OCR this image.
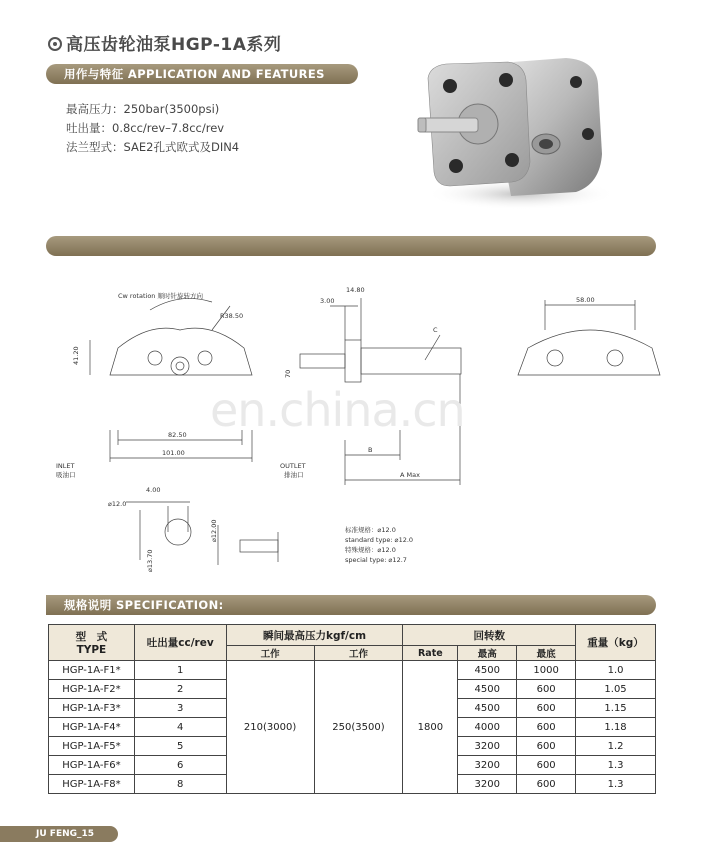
高压齿轮油泵HGP-1A系列
用作与特征 APPLICATION AND FEATURES
最高压力：250bar(3500psi)
吐出量：0.8cc/rev–7.8cc/rev
法兰型式：SAE2孔式欧式及DIN4
Cw rotation 顺时针旋转方向
R38.50
41.20
82.50
101.00
INLET
吸油口
14.80
3.00
C
70
B
A Max
OUTLET
排油口
58.00
4.00
⌀12.0
⌀13.70
⌀12.00	标准规格：⌀12.0
standard type: ⌀12.0
特殊规格：⌀12.0
special type: ⌀12.7
en.china.cn
规格说明 SPECIFICATION:
型　式
TYPE	吐出量cc/rev	瞬间最高压力kgf/cm		回转数			重量（kg）
		工作	工作	Rate	最高	最底	
HGP-1A-F1*	1	210(3000)	250(3500)	1800	4500	1000	1.0
HGP-1A-F2*	2				4500	600	1.05
HGP-1A-F3*	3				4500	600	1.15
HGP-1A-F4*	4				4000	600	1.18
HGP-1A-F5*	5				3200	600	1.2
HGP-1A-F6*	6				3200	600	1.3
HGP-1A-F8*	8				3200	600	1.3
JU FENG_15
